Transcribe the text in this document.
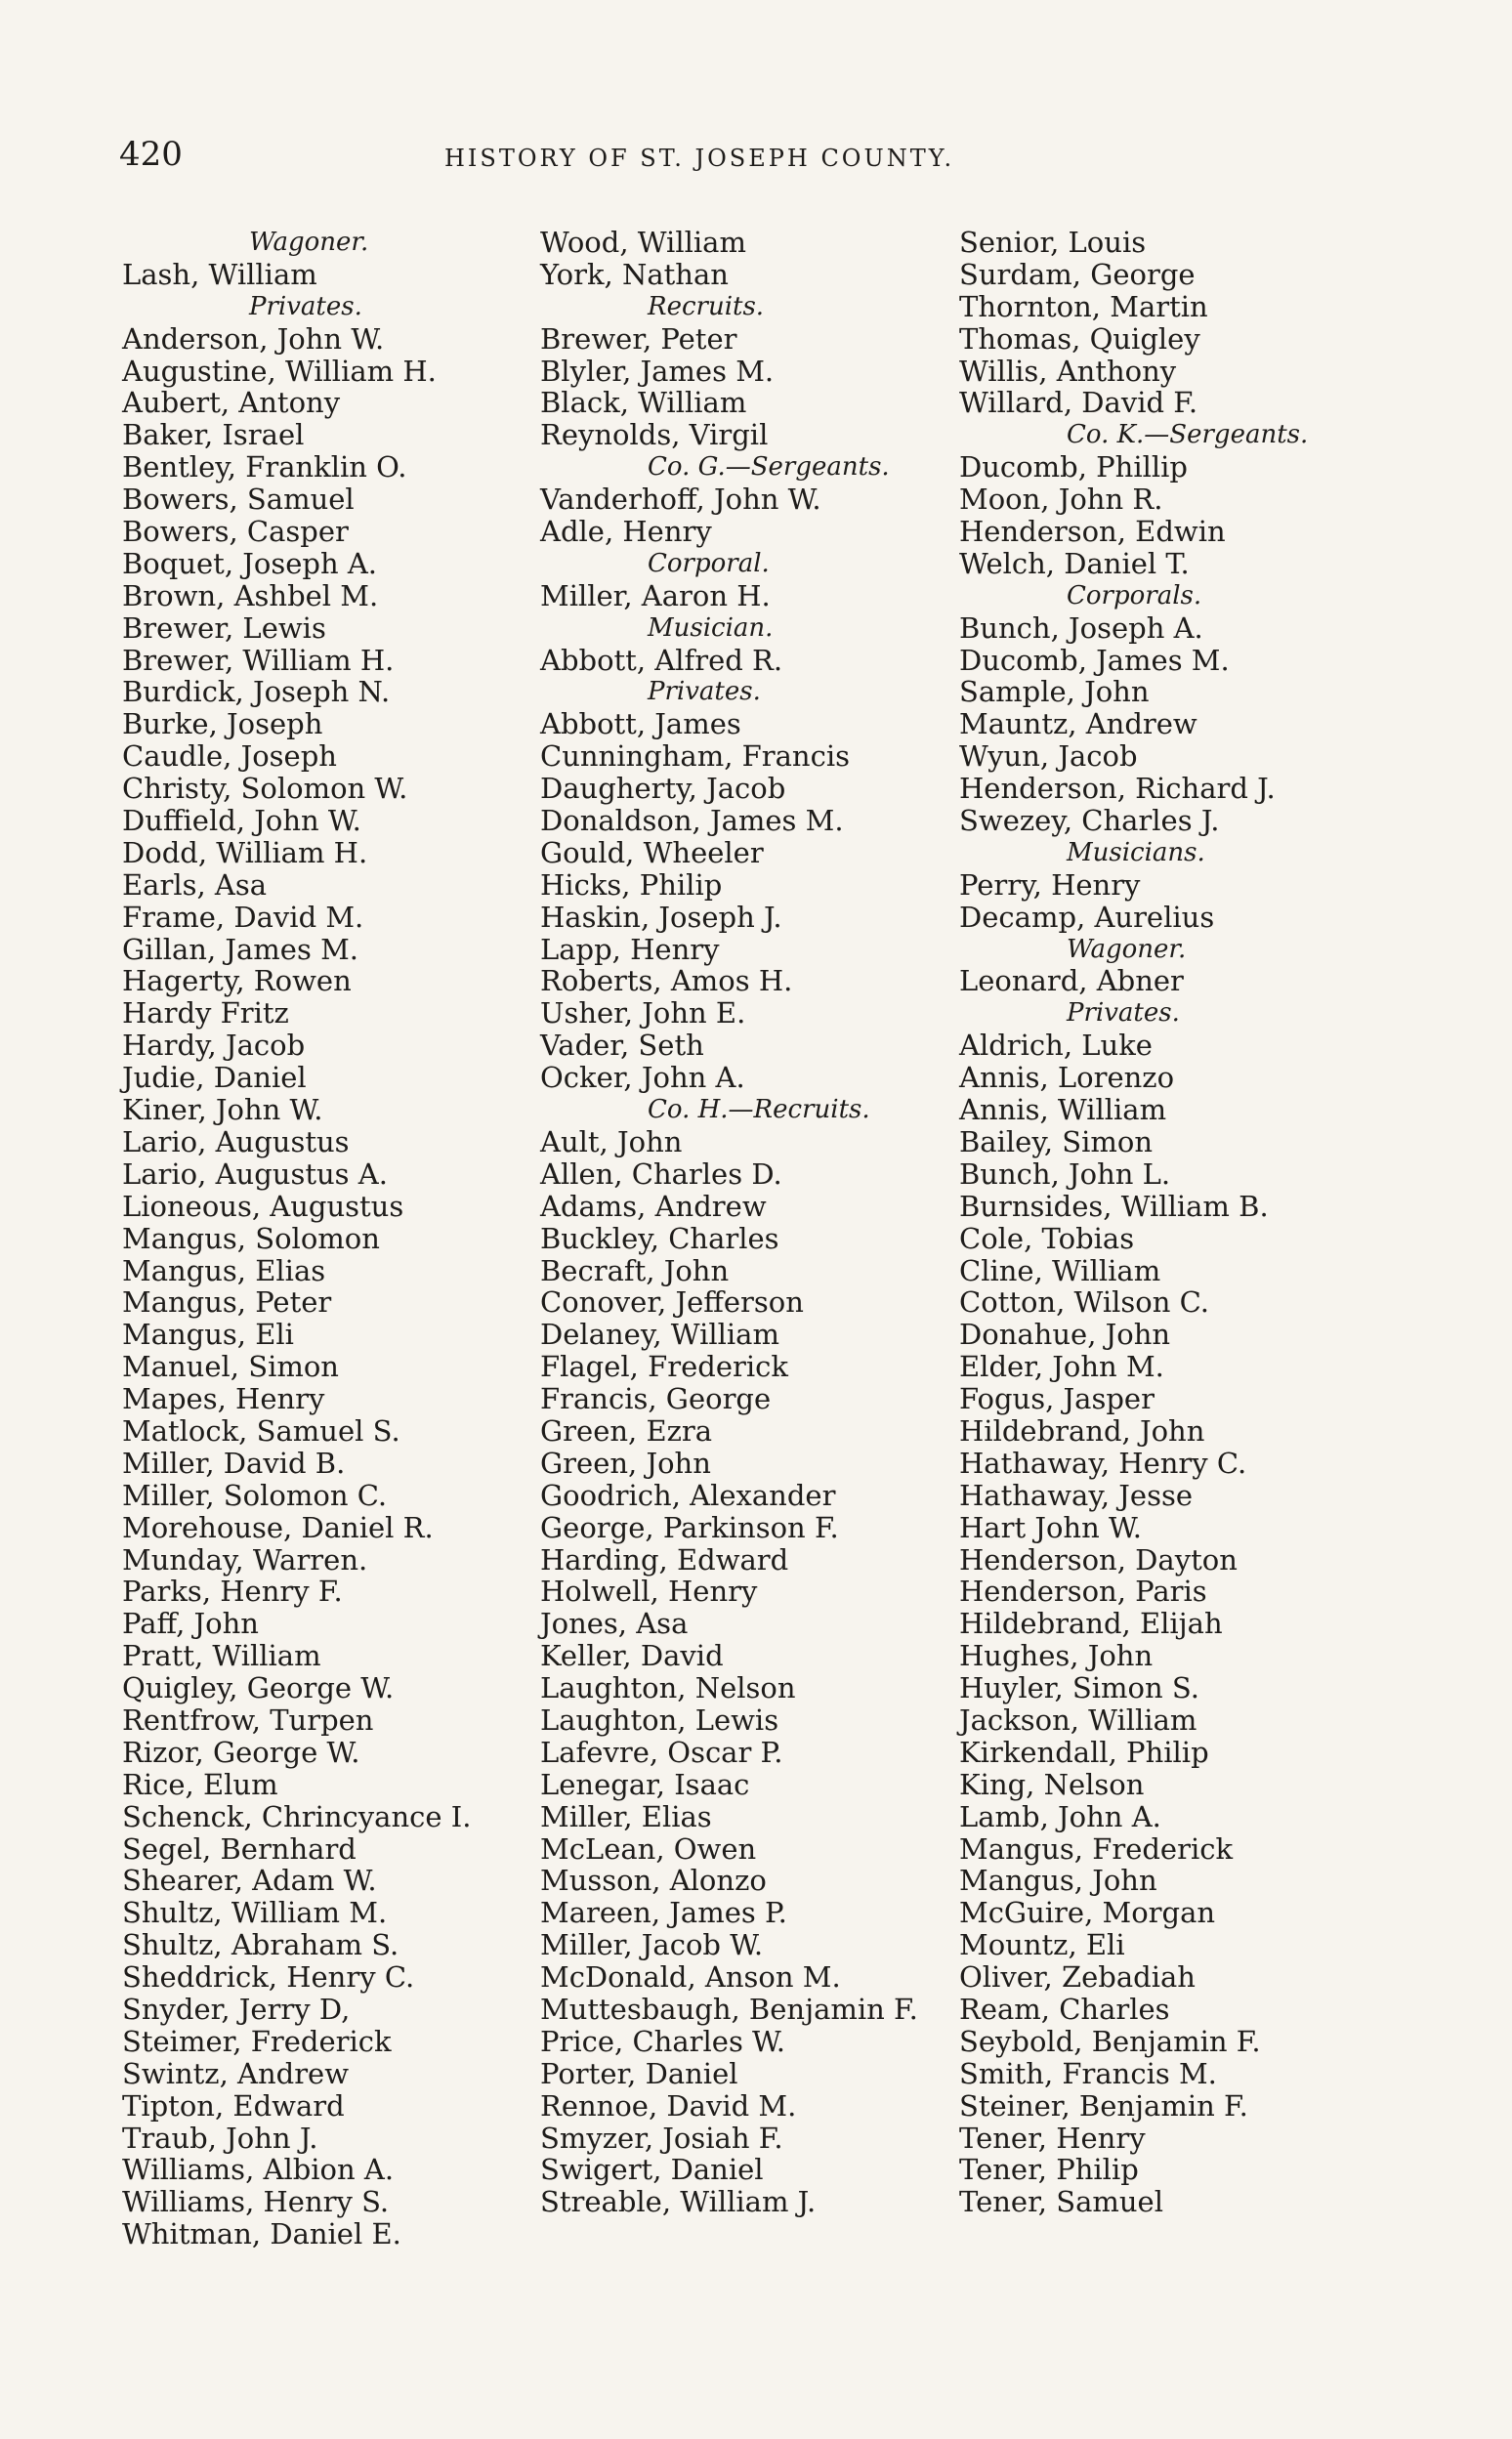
420	HISTORY OF ST. JOSEPH COUNTY.
Wagoner.
Lash, William
Privates.
Anderson, John W.
Augustine, William H.
Aubert, Antony
Baker, Israel
Bentley, Franklin O.
Bowers, Samuel
Bowers, Casper
Boquet, Joseph A.
Brown, Ashbel M.
Brewer, Lewis
Brewer, William H.
Burdick, Joseph N.
Burke, Joseph
Caudle, Joseph
Christy, Solomon W.
Duffield, John W.
Dodd, William H.
Earls, Asa
Frame, David M.
Gillan, James M.
Hagerty, Rowen
Hardy Fritz
Hardy, Jacob
Judie, Daniel
Kiner, John W.
Lario, Augustus
Lario, Augustus A.
Lioneous, Augustus
Mangus, Solomon
Mangus, Elias
Mangus, Peter
Mangus, Eli
Manuel, Simon
Mapes, Henry
Matlock, Samuel S.
Miller, David B.
Miller, Solomon C.
Morehouse, Daniel R.
Munday, Warren.
Parks, Henry F.
Paff, John
Pratt, William
Quigley, George W.
Rentfrow, Turpen
Rizor, George W.
Rice, Elum
Schenck, Chrincyance I.
Segel, Bernhard
Shearer, Adam W.
Shultz, William M.
Shultz, Abraham S.
Sheddrick, Henry C.
Snyder, Jerry D,
Steimer, Frederick
Swintz, Andrew
Tipton, Edward
Traub, John J.
Williams, Albion A.
Williams, Henry S.
Whitman, Daniel E.
Wood, William
York, Nathan
Recruits.
Brewer, Peter
Blyler, James M.
Black, William
Reynolds, Virgil
Co. G.—Sergeants.
Vanderhoff, John W.
Adle, Henry
Corporal.
Miller, Aaron H.
Musician.
Abbott, Alfred R.
Privates.
Abbott, James
Cunningham, Francis
Daugherty, Jacob
Donaldson, James M.
Gould, Wheeler
Hicks, Philip
Haskin, Joseph J.
Lapp, Henry
Roberts, Amos H.
Usher, John E.
Vader, Seth
Ocker, John A.
Co. H.—Recruits.
Ault, John
Allen, Charles D.
Adams, Andrew
Buckley, Charles
Becraft, John
Conover, Jefferson
Delaney, William
Flagel, Frederick
Francis, George
Green, Ezra
Green, John
Goodrich, Alexander
George, Parkinson F.
Harding, Edward
Holwell, Henry
Jones, Asa
Keller, David
Laughton, Nelson
Laughton, Lewis
Lafevre, Oscar P.
Lenegar, Isaac
Miller, Elias
McLean, Owen
Musson, Alonzo
Mareen, James P.
Miller, Jacob W.
McDonald, Anson M.
Muttesbaugh, Benjamin F.
Price, Charles W.
Porter, Daniel
Rennoe, David M.
Smyzer, Josiah F.
Swigert, Daniel
Streable, William J.
Senior, Louis
Surdam, George
Thornton, Martin
Thomas, Quigley
Willis, Anthony
Willard, David F.
Co. K.—Sergeants.
Ducomb, Phillip
Moon, John R.
Henderson, Edwin
Welch, Daniel T.
Corporals.
Bunch, Joseph A.
Ducomb, James M.
Sample, John
Mauntz, Andrew
Wyun, Jacob
Henderson, Richard J.
Swezey, Charles J.
Musicians.
Perry, Henry
Decamp, Aurelius
Wagoner.
Leonard, Abner
Privates.
Aldrich, Luke
Annis, Lorenzo
Annis, William
Bailey, Simon
Bunch, John L.
Burnsides, William B.
Cole, Tobias
Cline, William
Cotton, Wilson C.
Donahue, John
Elder, John M.
Fogus, Jasper
Hildebrand, John
Hathaway, Henry C.
Hathaway, Jesse
Hart John W.
Henderson, Dayton
Henderson, Paris
Hildebrand, Elijah
Hughes, John
Huyler, Simon S.
Jackson, William
Kirkendall, Philip
King, Nelson
Lamb, John A.
Mangus, Frederick
Mangus, John
McGuire, Morgan
Mountz, Eli
Oliver, Zebadiah
Ream, Charles
Seybold, Benjamin F.
Smith, Francis M.
Steiner, Benjamin F.
Tener, Henry
Tener, Philip
Tener, Samuel
